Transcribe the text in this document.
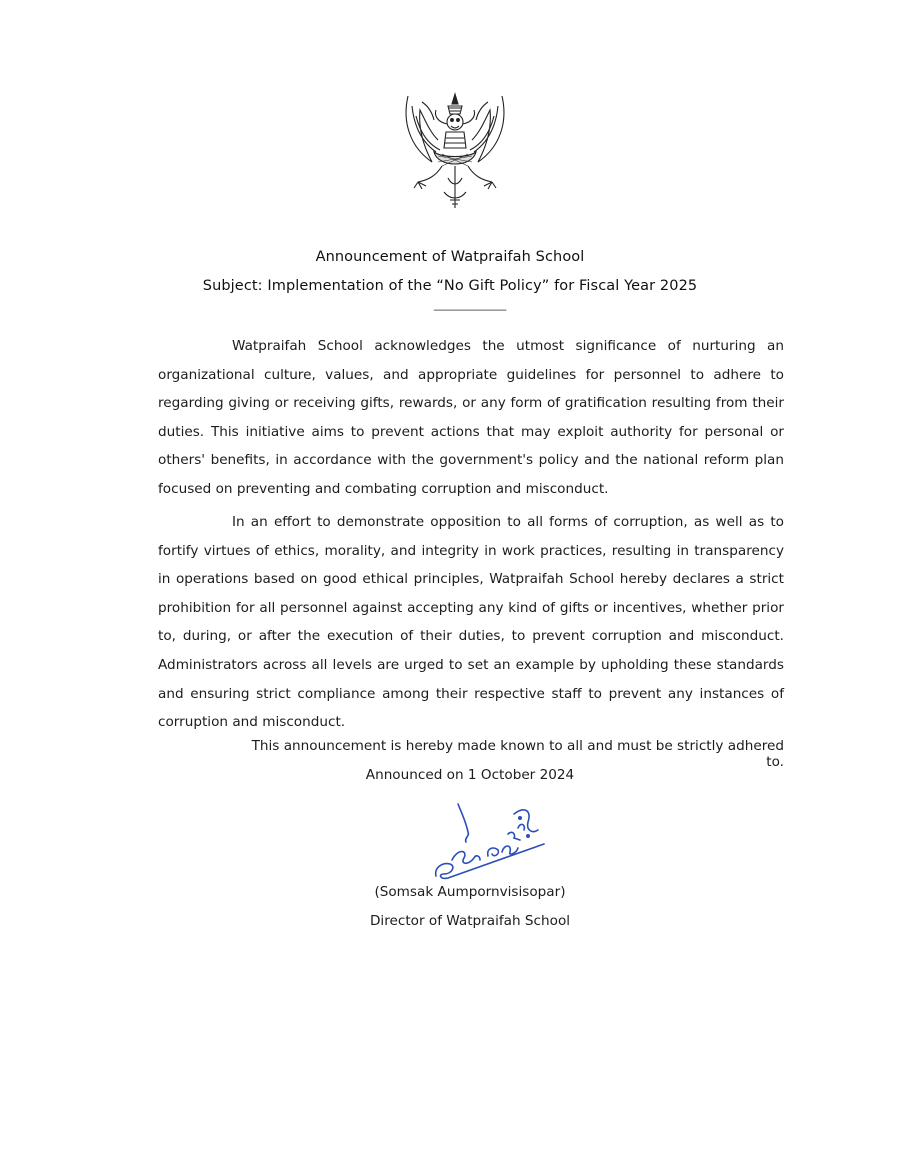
Announcement of Watpraifah School
Subject: Implementation of the “No Gift Policy” for Fiscal Year 2025
------------------------------
Watpraifah School acknowledges the utmost significance of nurturing an organizational culture, values, and appropriate guidelines for personnel to adhere to regarding giving or receiving gifts, rewards, or any form of gratification resulting from their duties. This initiative aims to prevent actions that may exploit authority for personal or others' benefits, in accordance with the government's policy and the national reform plan focused on preventing and combating corruption and misconduct.
In an effort to demonstrate opposition to all forms of corruption, as well as to fortify virtues of ethics, morality, and integrity in work practices, resulting in transparency in operations based on good ethical principles, Watpraifah School hereby declares a strict prohibition for all personnel against accepting any kind of gifts or incentives, whether prior to, during, or after the execution of their duties, to prevent corruption and misconduct. Administrators across all levels are urged to set an example by upholding these standards and ensuring strict compliance among their respective staff to prevent any instances of corruption and misconduct.
This announcement is hereby made known to all and must be strictly adhered to.
Announced on 1 October 2024
(Somsak Aumpornvisisopar)
Director of Watpraifah School
